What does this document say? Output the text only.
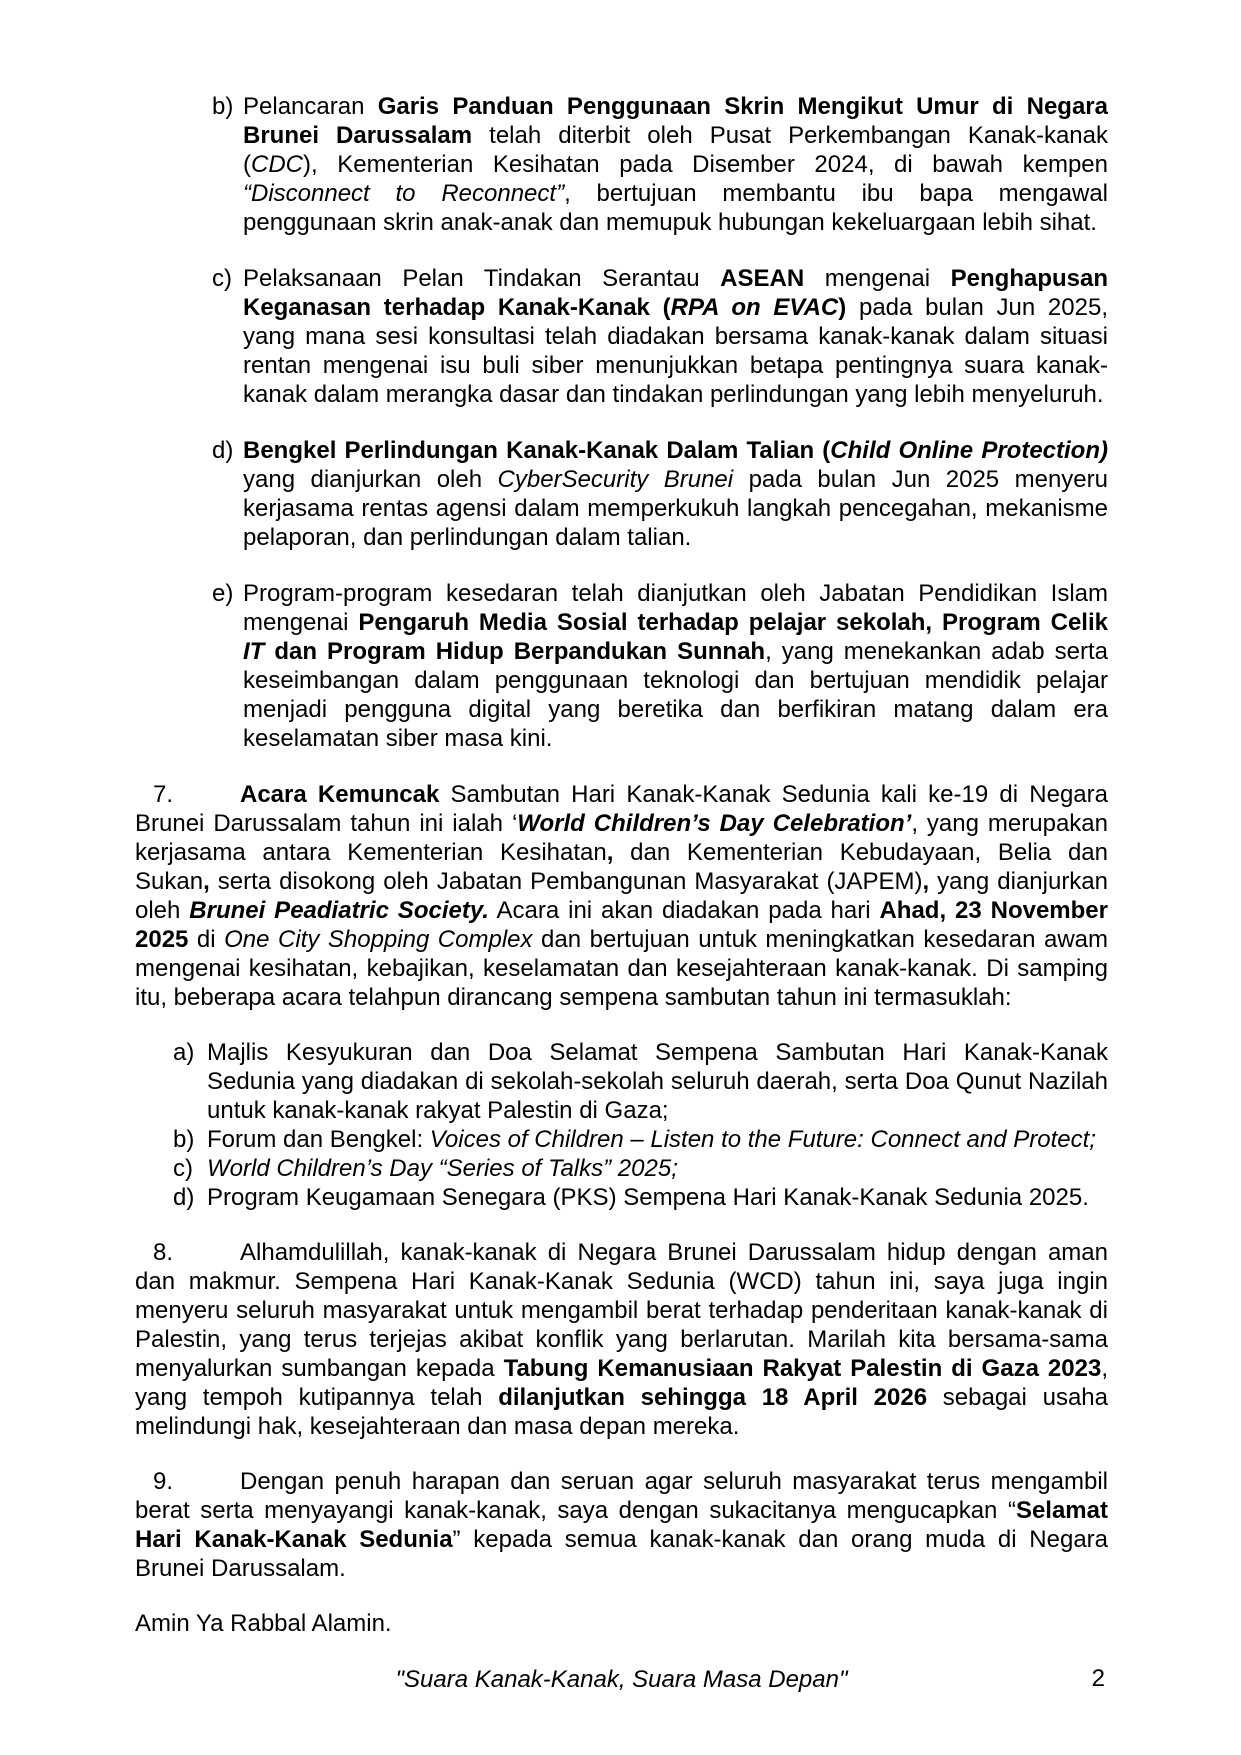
b) Pelancaran Garis Panduan Penggunaan Skrin Mengikut Umur di Negara Brunei Darussalam telah diterbit oleh Pusat Perkembangan Kanak-kanak (CDC), Kementerian Kesihatan pada Disember 2024, di bawah kempen “Disconnect to Reconnect”, bertujuan membantu ibu bapa mengawal penggunaan skrin anak-anak dan memupuk hubungan kekeluargaan lebih sihat.
c) Pelaksanaan Pelan Tindakan Serantau ASEAN mengenai Penghapusan Keganasan terhadap Kanak-Kanak (RPA on EVAC) pada bulan Jun 2025, yang mana sesi konsultasi telah diadakan bersama kanak-kanak dalam situasi rentan mengenai isu buli siber menunjukkan betapa pentingnya suara kanak-kanak dalam merangka dasar dan tindakan perlindungan yang lebih menyeluruh.
d) Bengkel Perlindungan Kanak-Kanak Dalam Talian (Child Online Protection) yang dianjurkan oleh CyberSecurity Brunei pada bulan Jun 2025 menyeru kerjasama rentas agensi dalam memperkukuh langkah pencegahan, mekanisme pelaporan, dan perlindungan dalam talian.
e) Program-program kesedaran telah dianjutkan oleh Jabatan Pendidikan Islam mengenai Pengaruh Media Sosial terhadap pelajar sekolah, Program Celik IT dan Program Hidup Berpandukan Sunnah, yang menekankan adab serta keseimbangan dalam penggunaan teknologi dan bertujuan mendidik pelajar menjadi pengguna digital yang beretika dan berfikiran matang dalam era keselamatan siber masa kini.

7.	Acara Kemuncak Sambutan Hari Kanak-Kanak Sedunia kali ke-19 di Negara Brunei Darussalam tahun ini ialah ‘World Children’s Day Celebration’, yang merupakan kerjasama antara Kementerian Kesihatan, dan Kementerian Kebudayaan, Belia dan Sukan, serta disokong oleh Jabatan Pembangunan Masyarakat (JAPEM), yang dianjurkan oleh Brunei Peadiatric Society. Acara ini akan diadakan pada hari Ahad, 23 November 2025 di One City Shopping Complex dan bertujuan untuk meningkatkan kesedaran awam mengenai kesihatan, kebajikan, keselamatan dan kesejahteraan kanak-kanak. Di samping itu, beberapa acara telahpun dirancang sempena sambutan tahun ini termasuklah:

a) Majlis Kesyukuran dan Doa Selamat Sempena Sambutan Hari Kanak-Kanak Sedunia yang diadakan di sekolah-sekolah seluruh daerah, serta Doa Qunut Nazilah untuk kanak-kanak rakyat Palestin di Gaza;
b) Forum dan Bengkel: Voices of Children – Listen to the Future: Connect and Protect;
c) World Children’s Day “Series of Talks” 2025;
d) Program Keugamaan Senegara (PKS) Sempena Hari Kanak-Kanak Sedunia 2025.

8.	Alhamdulillah, kanak-kanak di Negara Brunei Darussalam hidup dengan aman dan makmur. Sempena Hari Kanak-Kanak Sedunia (WCD) tahun ini, saya juga ingin menyeru seluruh masyarakat untuk mengambil berat terhadap penderitaan kanak-kanak di Palestin, yang terus terjejas akibat konflik yang berlarutan. Marilah kita bersama-sama menyalurkan sumbangan kepada Tabung Kemanusiaan Rakyat Palestin di Gaza 2023, yang tempoh kutipannya telah dilanjutkan sehingga 18 April 2026 sebagai usaha melindungi hak, kesejahteraan dan masa depan mereka.

9.	Dengan penuh harapan dan seruan agar seluruh masyarakat terus mengambil berat serta menyayangi kanak-kanak, saya dengan sukacitanya mengucapkan “Selamat Hari Kanak-Kanak Sedunia” kepada semua kanak-kanak dan orang muda di Negara Brunei Darussalam.

Amin Ya Rabbal Alamin.

"Suara Kanak-Kanak, Suara Masa Depan"	2
